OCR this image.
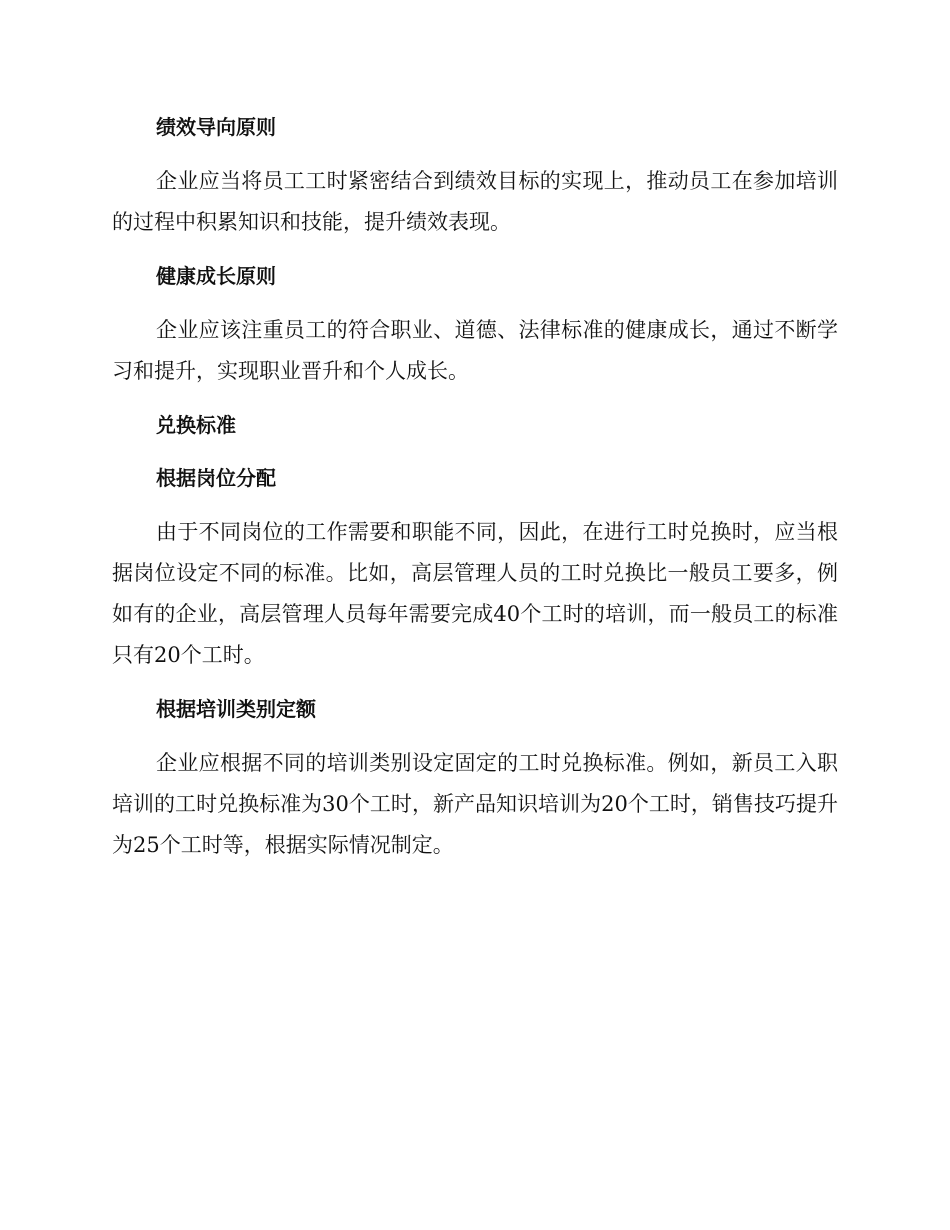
绩效导向原则

企业应当将员工工时紧密结合到绩效目标的实现上，推动员工在参加培训的过程中积累知识和技能，提升绩效表现。

健康成长原则

企业应该注重员工的符合职业、道德、法律标准的健康成长，通过不断学习和提升，实现职业晋升和个人成长。

兑换标准
根据岗位分配

由于不同岗位的工作需要和职能不同，因此，在进行工时兑换时，应当根据岗位设定不同的标准。比如，高层管理人员的工时兑换比一般员工要多，例如有的企业，高层管理人员每年需要完成40个工时的培训，而一般员工的标准只有20个工时。

根据培训类别定额

企业应根据不同的培训类别设定固定的工时兑换标准。例如，新员工入职培训的工时兑换标准为30个工时，新产品知识培训为20个工时，销售技巧提升为25个工时等，根据实际情况制定。
